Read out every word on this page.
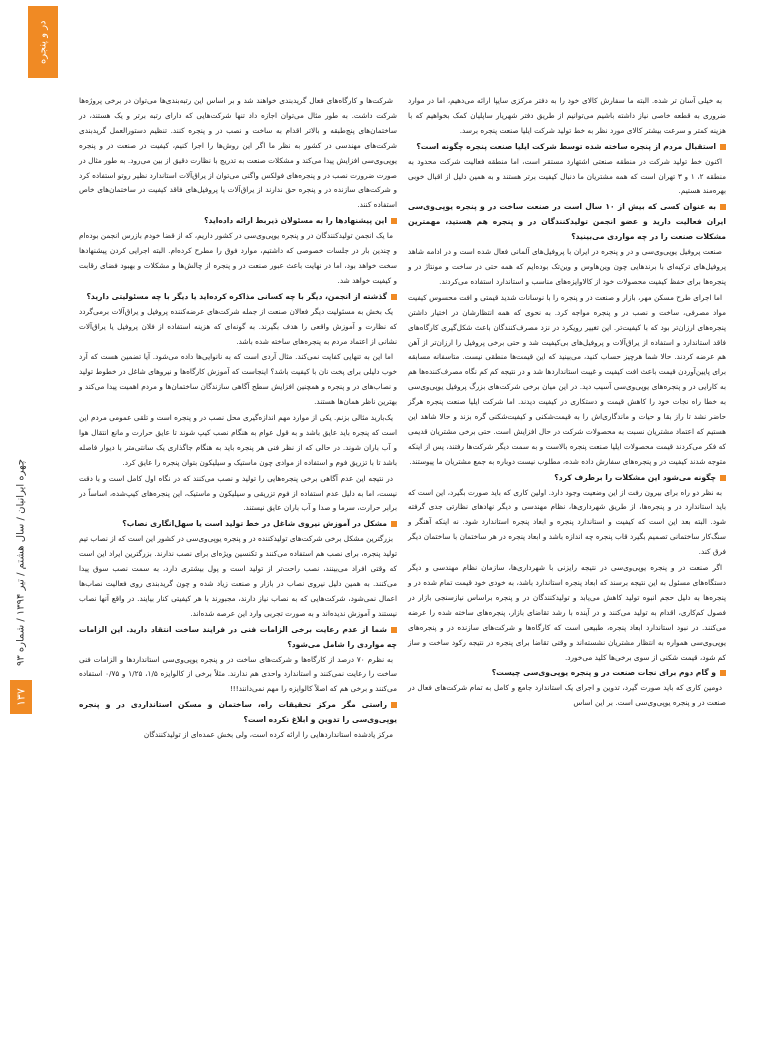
در و پنجره
چهره ایرانیان / سال هشتم / تیر ۱۳۹۴ / شماره ۹۳
۱۳۷

شرکت‌ها و کارگاه‌های فعال گریدبندی خواهند شد و بر اساس این رتبه‌بندی‌ها می‌توان در برخی پروژه‌ها شرکت داشت. به طور مثال می‌توان اجازه داد تنها شرکت‌هایی که دارای رتبه برتر و یک هستند، در ساختمان‌های پنج‌طبقه و بالاتر اقدام به ساخت و نصب در و پنجره کنند. تنظیم دستورالعمل گریدبندی شرکت‌های مهندسی در کشور به نظر ما اگر این روش‌ها را اجرا کنیم، کیفیت در صنعت در و پنجره یوپی‌وی‌سی افزایش پیدا می‌کند و مشکلات صنعت به تدریج با نظارت دقیق از بین می‌رود. به طور مثال در صورت ضرورت نصب در و پنجره‌های فولکس واگنی می‌توان از یراق‌آلات استاندارد نظیر روتو استفاده کرد و شرکت‌های سازنده در و پنجره حق ندارند از یراق‌آلات یا پروفیل‌های فاقد کیفیت در ساختمان‌های خاص استفاده کنند.

این پیشنهادها را به مسئولان ذیربط ارائه داده‌اید؟

ما یک انجمن تولیدکنندگان در و پنجره یوپی‌وی‌سی در کشور داریم، که از قضا خودم بازرس انجمن بوده‌ام و چندین بار در جلسات خصوصی که داشتیم، موارد فوق را مطرح کرده‌ام. البته اجرایی کردن پیشنهادها سخت خواهد بود، اما در نهایت باعث عبور صنعت در و پنجره از چالش‌ها و مشکلات و بهبود فضای رقابت و کیفیت خواهد شد.

گذشته از انجمن، دیگر با چه کسانی مذاکره کرده‌اید یا دیگر با چه مسئولیتی دارید؟

یک بخش به مسئولیت دیگر فعالان صنعت از جمله شرکت‌های عرضه‌کننده پروفیل و یراق‌آلات برمی‌گردد که نظارت و آموزش واقعی را هدف بگیرند. به گونه‌ای که هزینه استفاده از فلان پروفیل یا یراق‌آلات نشانی از اعتماد مردم به پنجره‌های ساخته شده باشد.

اما این به تنهایی کفایت نمی‌کند. مثال آردی است که به نانوایی‌ها داده می‌شود. آیا تضمین هست که آرد خوب دلیلی برای پخت نان با کیفیت باشد؟ اینجاست که آموزش کارگاه‌ها و نیروهای شاغل در خطوط تولید و نصاب‌های در و پنجره و همچنین افزایش سطح آگاهی سازندگان ساختمان‌ها و مردم اهمیت پیدا می‌کند و بهترین ناظر همان‌ها هستند.

یک‌بارید مثالی بزنم. یکی از موارد مهم اندازه‌گیری محل نصب در و پنجره است و تلقی عمومی مردم این است که پنجره باید عایق باشد و به قول عوام به هنگام نصب کیپ شوند تا عایق حرارت و مانع انتقال هوا و آب باران شوند. در حالی که از نظر فنی هر پنجره باید به هنگام جاگذاری یک سانتی‌متر با دیوار فاصله باشد تا با تزریق فوم و استفاده از موادی چون ماستیک و سیلیکون بتوان پنجره را عایق کرد.

در نتیجه این عدم آگاهی برخی پنجره‌هایی را تولید و نصب می‌کنند که در نگاه اول کامل است و با دقت نیست، اما به دلیل عدم استفاده از فوم تزریقی و سیلیکون و ماستیک، این پنجره‌های کیپ‌شده، اساساً در برابر حرارت، سرما و صدا و آب باران عایق نیستند.

مشکل در آموزش نیروی شاغل در خط تولید است یا سهل‌انگاری نصاب؟

بزرگترین مشکل برخی شرکت‌های تولیدکننده در و پنجره یوپی‌وی‌سی در کشور این است که از نصاب تیم تولید پنجره، برای نصب هم استفاده می‌کنند و تکنسین ویژه‌ای برای نصب ندارند. بزرگترین ایراد این است که وقتی افراد می‌بینند، نصب راحت‌تر از تولید است و پول بیشتری دارد، به سمت نصب سوق پیدا می‌کنند. به همین دلیل نیروی نصاب در بازار و صنعت زیاد شده و چون گریدبندی روی فعالیت نصاب‌ها اعمال نمی‌شود، شرکت‌هایی که به نصاب نیاز دارند، مجبورند با هر کیفیتی کنار بیایند. در واقع آنها نصاب نیستند و آموزش ندیده‌اند و به صورت تجربی وارد این عرصه شده‌اند.

شما از عدم رعایت برخی الزامات فنی در فرایند ساخت انتقاد دارید. این الزامات چه مواردی را شامل می‌شود؟

به نظرم ۷۰ درصد از کارگاه‌ها و شرکت‌های ساخت در و پنجره یوپی‌وی‌سی استانداردها و الزامات فنی ساخت را رعایت نمی‌کنند و استاندارد واحدی هم ندارند. مثلاً برخی از کالوایزه ۱/۵، ۱/۲۵ و ۰/۷۵ استفاده می‌کنند و برخی هم که اصلاً کالوایزه را مهم نمی‌دانند!!!

راستی مگر مرکز تحقیقات راه، ساختمان و مسکن استانداردی در و پنجره یوپی‌وی‌سی را تدوین و ابلاغ نکرده است؟

مرکز یادشده استانداردهایی را ارائه کرده است، ولی بخش عمده‌ای از تولیدکنندگان

به خیلی آسان تر شده. البته ما سفارش کالای خود را به دفتر مرکزی سایپا ارائه می‌دهیم، اما در موارد ضروری به قطعه خاصی نیاز داشته باشیم می‌توانیم از طریق دفتر شهریار ساپلیان کمک بخواهیم که با هزینه کمتر و سرعت بیشتر کالای مورد نظر به خط تولید شرکت ایلیا صنعت پنجره برسد.

استقبال مردم از پنجره ساخته شده توسط شرکت ایلیا صنعت پنجره چگونه است؟

اکنون خط تولید شرکت در منطقه صنعتی اشتهارد مستقر است، اما منطقه فعالیت شرکت محدود به منطقه ۲، ۱ و ۳ تهران است که همه مشتریان ما دنبال کیفیت برتر هستند و به همین دلیل از اقبال خوبی بهره‌مند هستیم.

به عنوان کسی که بیش از ۱۰ سال است در صنعت ساخت در و پنجره یوپی‌وی‌سی ایران فعالیت دارید و عضو انجمن تولیدکنندگان در و پنجره هم هستید، مهمترین مشکلات صنعت را در چه مواردی می‌بینید؟

صنعت پروفیل یوپی‌وی‌سی و در و پنجره در ایران با پروفیل‌های آلمانی فعال شده است و در ادامه شاهد پروفیل‌های ترکیه‌ای با برندهایی چون وین‌هاوس و وین‌تک بوده‌ایم که همه حتی در ساخت و مونتاژ در و پنجره‌ها برای حفظ کیفیت محصولات خود از کالاوایزه‌های مناسب و استاندارد استفاده می‌کردند.

اما اجرای طرح مسکن مهر، بازار و صنعت در و پنجره را با نوسانات شدید قیمتی و افت محسوس کیفیت مواد مصرفی، ساخت و نصب در و پنجره مواجه کرد. به نحوی که همه انتظارشان در اختیار داشتن پنجره‌های ارزان‌تر بود که با کیفیت‌تر. این تغییر رویکرد در نزد مصرف‌کنندگان باعث شکل‌گیری کارگاه‌های فاقد استاندارد و استفاده از یراق‌آلات و پروفیل‌های بی‌کیفیت شد و حتی برخی پروفیل را ارزان‌تر از آهن هم عرضه کردند. حالا شما هرچیز حساب کنید، می‌بینید که این قیمت‌ها منطقی نیست. متاسفانه مسابقه برای پایین‌آوردن قیمت باعث افت کیفیت و غیبت استانداردها شد و در نتیجه کم کم نگاه مصرف‌کننده‌ها هم به کارایی در و پنجره‌های یوپی‌وی‌سی آسیب دید. در این میان برخی شرکت‌های بزرگ پروفیل یوپی‌وی‌سی به خطا راه نجات خود را کاهش قیمت و دستکاری در کیفیت دیدند. اما شرکت ایلیا صنعت پنجره هرگز حاضر نشد تا راز بقا و حیات و ماندگاری‌اش را به قیمت‌شکنی و کیفیت‌شکنی گره بزند و حالا شاهد این هستیم که اعتماد مشتریان نسبت به محصولات شرکت در حال افزایش است. حتی برخی مشتریان قدیمی که فکر می‌کردند قیمت محصولات ایلیا صنعت پنجره بالاست و به سمت دیگر شرکت‌ها رفتند، پس از اینکه متوجه شدند کیفیت در و پنجره‌های سفارش داده شده، مطلوب نیست دوباره به جمع مشتریان ما پیوستند.

چگونه می‌شود این مشکلات را برطرف کرد؟

به نظر دو راه برای بیرون رفت از این وضعیت وجود دارد. اولین کاری که باید صورت بگیرد، این است که باید استاندارد در و پنجره‌ها، از طریق شهرداری‌ها، نظام مهندسی و دیگر نهادهای نظارتی جدی گرفته شود. البته بعد این است که کیفیت و استاندارد پنجره و ابعاد پنجره استاندارد شود. نه اینکه آهنگر و سنگ‌کار ساختمانی تصمیم بگیرد قاب پنجره چه اندازه باشد و ابعاد پنجره در هر ساختمان با ساختمان دیگر فرق کند.

اگر صنعت در و پنجره یوپی‌وی‌سی در نتیجه رایزنی با شهرداری‌ها، سازمان نظام مهندسی و دیگر دستگاه‌های مسئول به این نتیجه برسند که ابعاد پنجره استاندارد باشد، به خودی خود قیمت تمام شده در و پنجره‌ها به دلیل حجم انبوه تولید کاهش می‌یابد و تولیدکنندگان در و پنجره براساس نیازسنجی بازار در فصول کم‌کاری، اقدام به تولید می‌کنند و در آینده با رشد تقاضای بازار، پنجره‌های ساخته شده را عرضه می‌کنند. در نبود استاندارد ابعاد پنجره، طبیعی است که کارگاه‌ها و شرکت‌های سازنده در و پنجره‌های یوپی‌وی‌سی همواره به انتظار مشتریان نشسته‌اند و وقتی تقاضا برای پنجره در نتیجه رکود ساخت و ساز کم شود، قیمت شکنی از سوی برخی‌ها کلید می‌خورد.

و گام دوم برای نجات صنعت در و پنجره یوپی‌وی‌سی چیست؟

دومین کاری که باید صورت گیرد، تدوین و اجرای یک استاندارد جامع و کامل به تمام شرکت‌های فعال در صنعت در و پنجره یوپی‌وی‌سی است. بر این اساس
